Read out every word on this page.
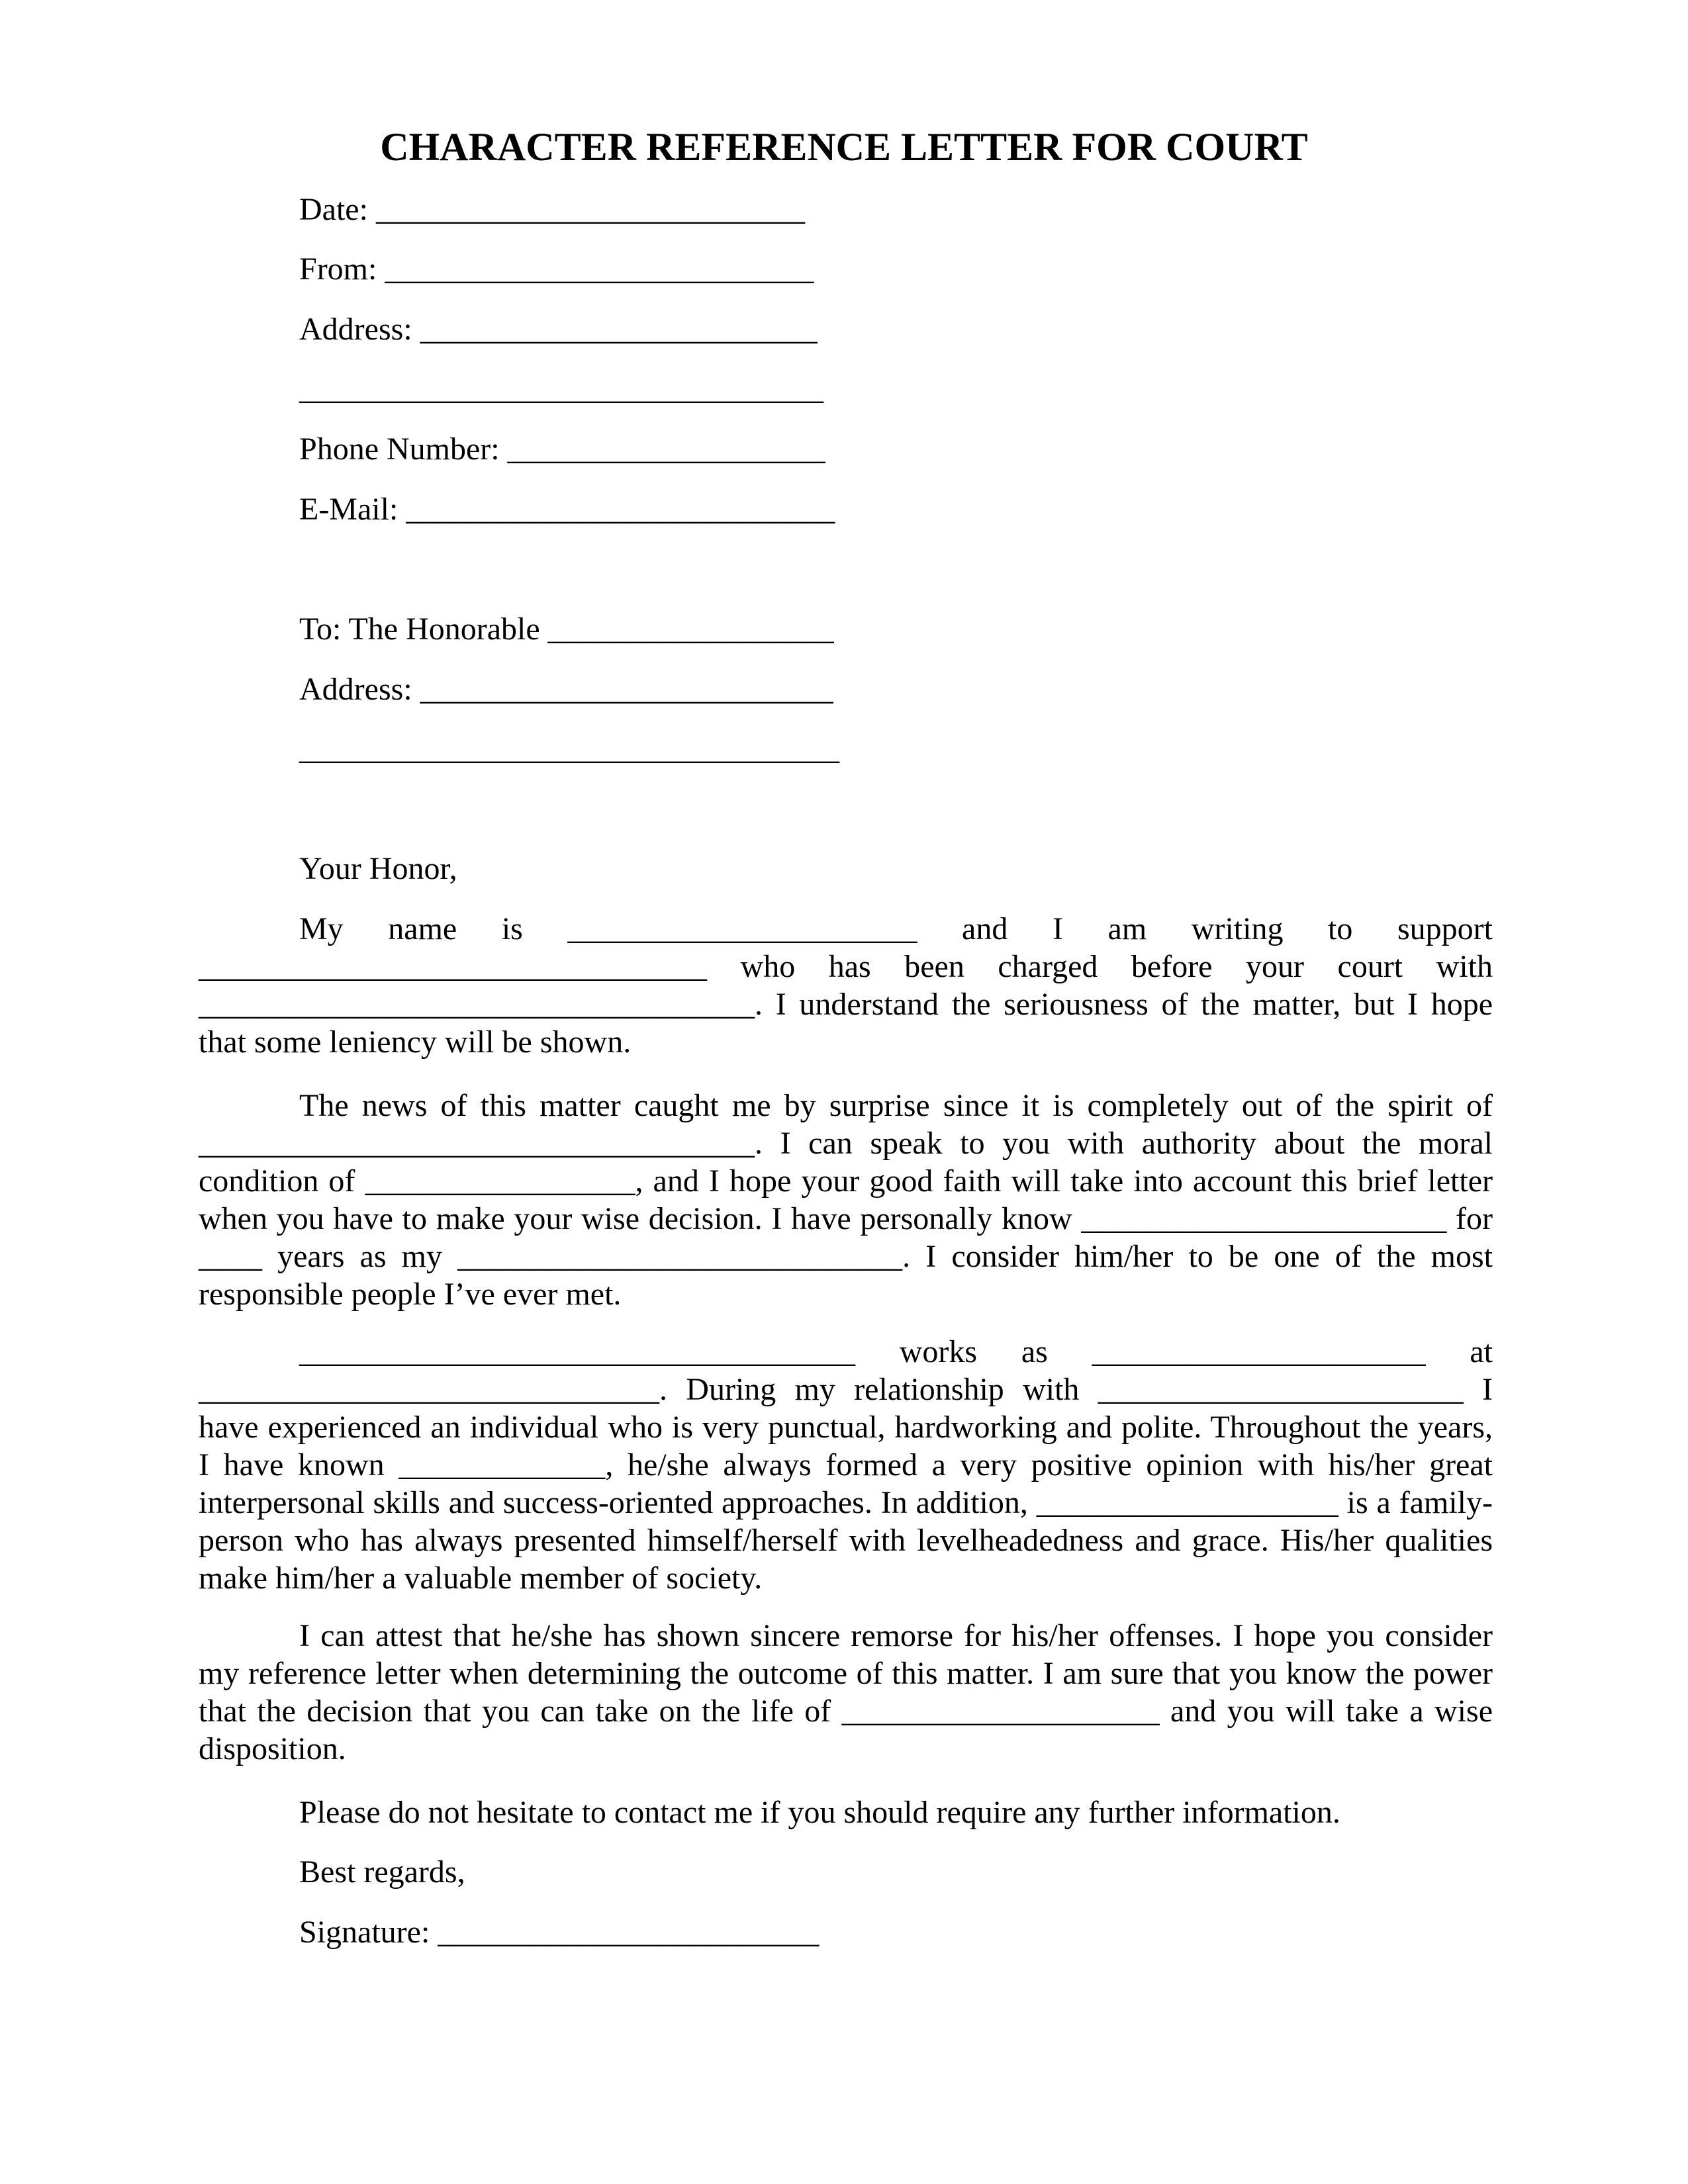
CHARACTER REFERENCE LETTER FOR COURT
Date: ___________________________
From: ___________________________
Address: _________________________
_________________________________
Phone Number: ____________________
E-Mail: ___________________________
To: The Honorable __________________
Address: __________________________
__________________________________
Your Honor,

My name is ______________________ and I am writing to support ________________________________ who has been charged before your court with ___________________________________. I understand the seriousness of the matter, but I hope that some leniency will be shown.

The news of this matter caught me by surprise since it is completely out of the spirit of ___________________________________. I can speak to you with authority about the moral condition of _________________, and I hope your good faith will take into account this brief letter when you have to make your wise decision. I have personally know _______________________ for ____ years as my ____________________________. I consider him/her to be one of the most responsible people I’ve ever met.

___________________________________ works as _____________________ at _____________________________. During my relationship with _______________________ I have experienced an individual who is very punctual, hardworking and polite. Throughout the years, I have known _____________, he/she always formed a very positive opinion with his/her great interpersonal skills and success-oriented approaches. In addition, ___________________ is a family-person who has always presented himself/herself with levelheadedness and grace. His/her qualities make him/her a valuable member of society.

I can attest that he/she has shown sincere remorse for his/her offenses. I hope you consider my reference letter when determining the outcome of this matter. I am sure that you know the power that the decision that you can take on the life of ____________________ and you will take a wise disposition.

Please do not hesitate to contact me if you should require any further information.
Best regards,
Signature: ________________________
